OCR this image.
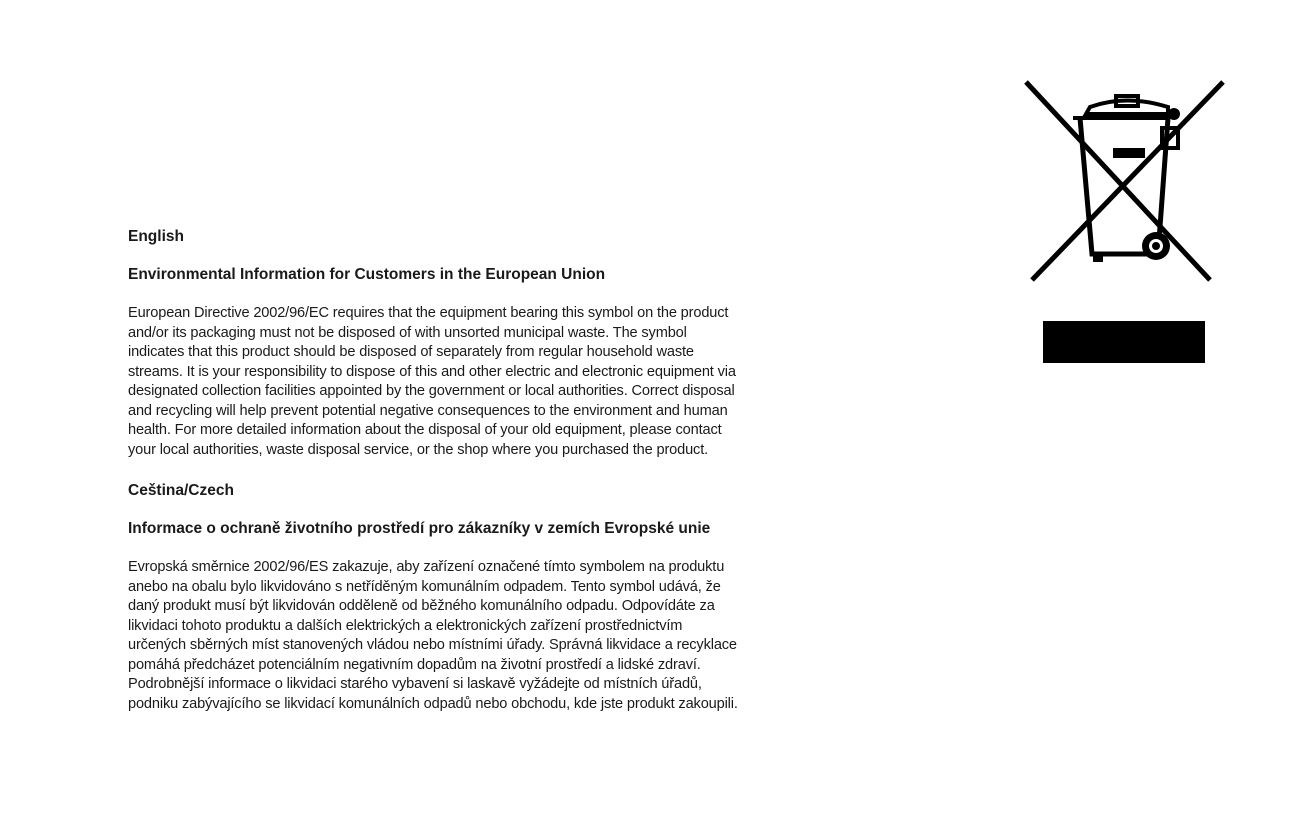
English

Environmental Information for Customers in the European Union

European Directive 2002/96/EC requires that the equipment bearing this symbol on the product and/or its packaging must not be disposed of with unsorted municipal waste. The symbol indicates that this product should be disposed of separately from regular household waste streams. It is your responsibility to dispose of this and other electric and electronic equipment via designated collection facilities appointed by the government or local authorities. Correct disposal and recycling will help prevent potential negative consequences to the environment and human health. For more detailed information about the disposal of your old equipment, please contact your local authorities, waste disposal service, or the shop where you purchased the product.

Ceština/Czech

Informace o ochraně životního prostředí pro zákazníky v zemích Evropské unie

Evropská směrnice 2002/96/ES zakazuje, aby zařízení označené tímto symbolem na produktu anebo na obalu bylo likvidováno s netříděným komunálním odpadem. Tento symbol udává, že daný produkt musí být likvidován odděleně od běžného komunálního odpadu. Odpovídáte za likvidaci tohoto produktu a dalších elektrických a elektronických zařízení prostřednictvím určených sběrných míst stanovených vládou nebo místními úřady. Správná likvidace a recyklace pomáhá předcházet potenciálním negativním dopadům na životní prostředí a lidské zdraví. Podrobnější informace o likvidaci starého vybavení si laskavě vyžádejte od místních úřadů, podniku zabývajícího se likvidací komunálních odpadů nebo obchodu, kde jste produkt zakoupili.
